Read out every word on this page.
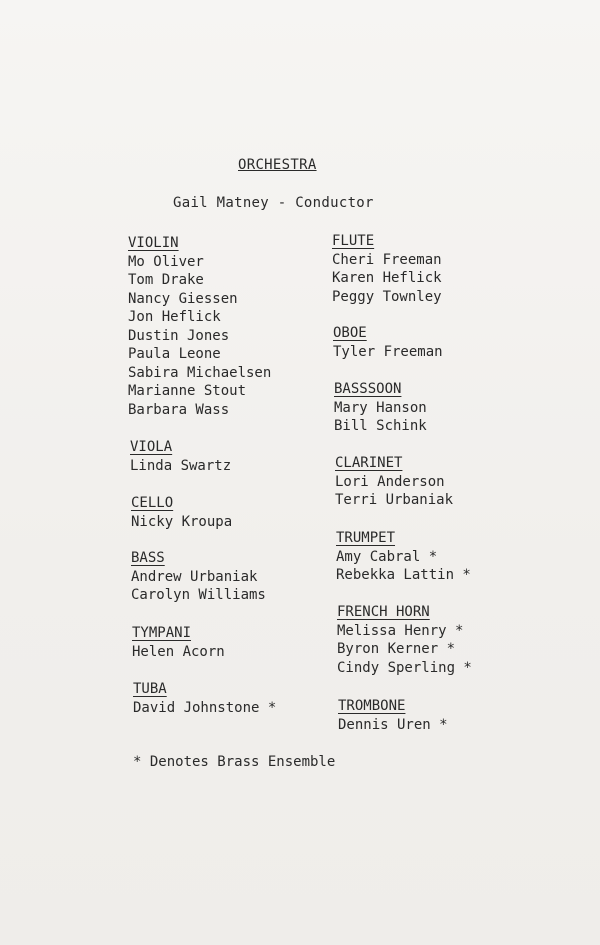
ORCHESTRA
Gail Matney - Conductor
VIOLIN
Mo Oliver
Tom Drake
Nancy Giessen
Jon Heflick
Dustin Jones
Paula Leone
Sabira Michaelsen
Marianne Stout
Barbara Wass
VIOLA
Linda Swartz
CELLO
Nicky Kroupa
BASS
Andrew Urbaniak
Carolyn Williams
TYMPANI
Helen Acorn
TUBA
David Johnstone *
FLUTE
Cheri Freeman
Karen Heflick
Peggy Townley
OBOE
Tyler Freeman
BASSSOON
Mary Hanson
Bill Schink
CLARINET
Lori Anderson
Terri Urbaniak
TRUMPET
Amy Cabral *
Rebekka Lattin *
FRENCH HORN
Melissa Henry *
Byron Kerner *
Cindy Sperling *
TROMBONE
Dennis Uren *
* Denotes Brass Ensemble
